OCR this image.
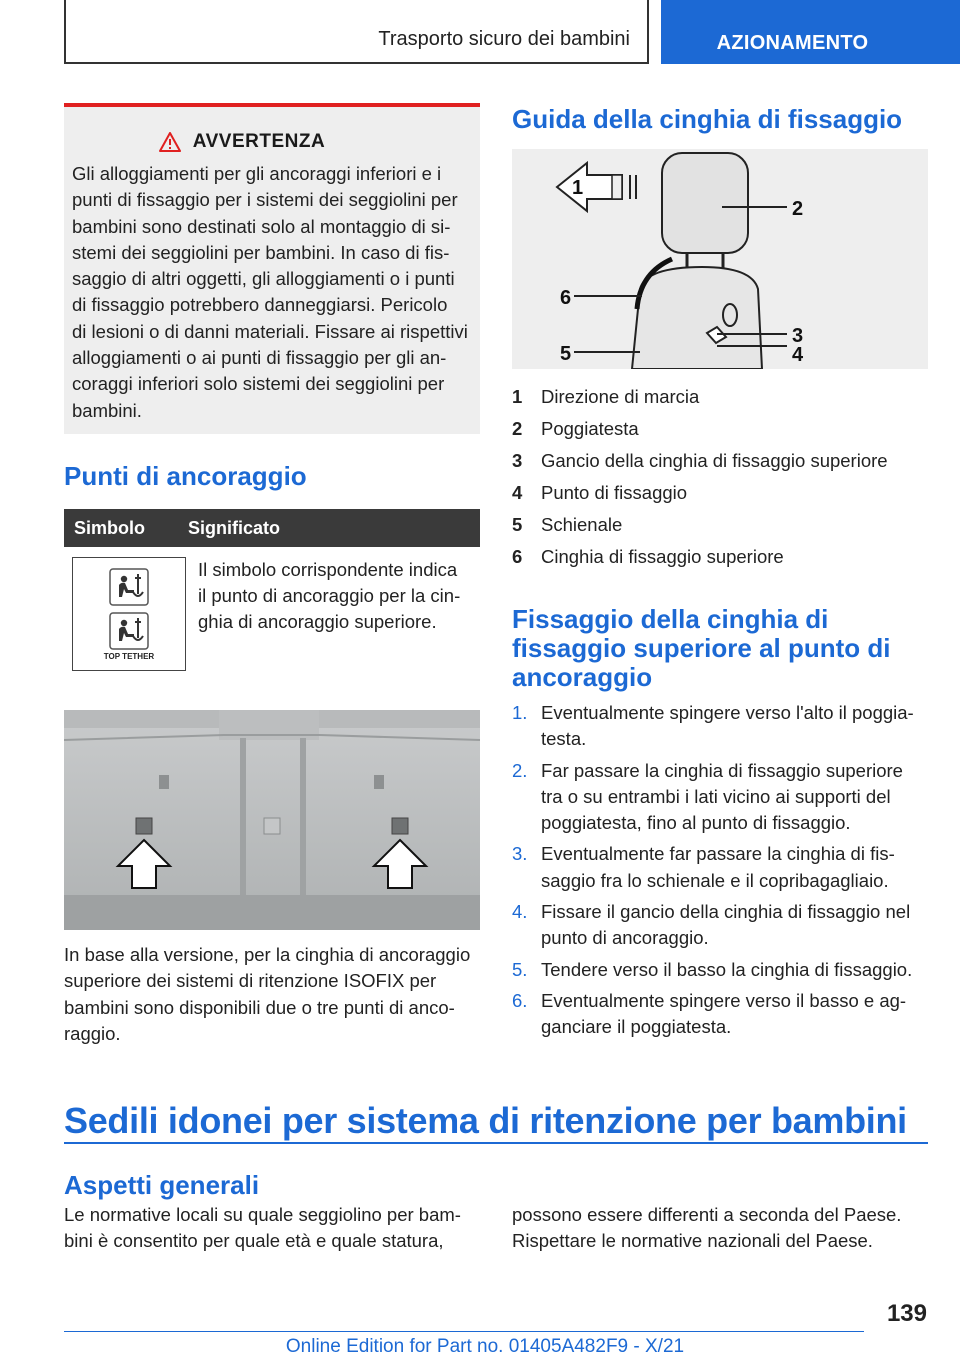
Trasporto sicuro dei bambini	AZIONAMENTO
AVVERTENZA
Gli alloggiamenti per gli ancoraggi inferiori e i
punti di fissaggio per i sistemi dei seggiolini per
bambini sono destinati solo al montaggio di si-
stemi dei seggiolini per bambini. In caso di fis-
saggio di altri oggetti, gli alloggiamenti o i punti
di fissaggio potrebbero danneggiarsi. Pericolo
di lesioni o di danni materiali. Fissare ai rispettivi
alloggiamenti o ai punti di fissaggio per gli an-
coraggi inferiori solo sistemi dei seggiolini per
bambini.
Punti di ancoraggio
Simbolo	Significato
TOP TETHER
Il simbolo corrispondente indica
il punto di ancoraggio per la cin-
ghia di ancoraggio superiore.
In base alla versione, per la cinghia di ancoraggio
superiore dei sistemi di ritenzione ISOFIX per
bambini sono disponibili due o tre punti di anco-
raggio.
Guida della cinghia di fissaggio
1
2
6
3
4
5
1	Direzione di marcia
2	Poggiatesta
3	Gancio della cinghia di fissaggio superiore
4	Punto di fissaggio
5	Schienale
6	Cinghia di fissaggio superiore
Fissaggio della cinghia di
fissaggio superiore al punto di
ancoraggio
1. Eventualmente spingere verso l'alto il poggia-
testa.
2. Far passare la cinghia di fissaggio superiore
tra o su entrambi i lati vicino ai supporti del
poggiatesta, fino al punto di fissaggio.
3. Eventualmente far passare la cinghia di fis-
saggio fra lo schienale e il copribagagliaio.
4. Fissare il gancio della cinghia di fissaggio nel
punto di ancoraggio.
5. Tendere verso il basso la cinghia di fissaggio.
6. Eventualmente spingere verso il basso e ag-
ganciare il poggiatesta.
Sedili idonei per sistema di ritenzione per bambini
Aspetti generali
Le normative locali su quale seggiolino per bam-
bini è consentito per quale età e quale statura,
possono essere differenti a seconda del Paese.
Rispettare le normative nazionali del Paese.
139
Online Edition for Part no. 01405A482F9 - X/21
